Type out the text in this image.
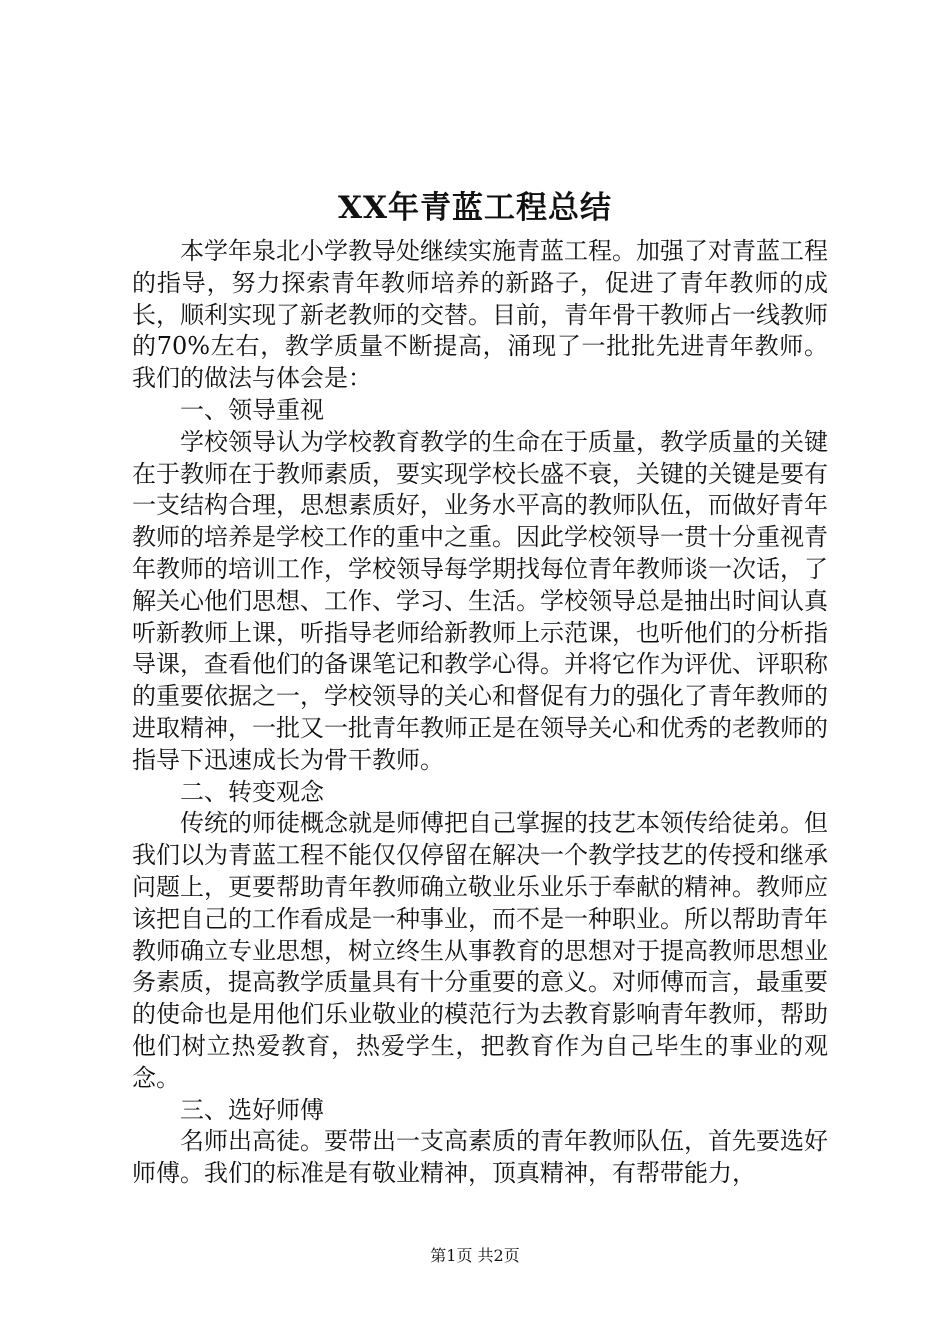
XX年青蓝工程总结

本学年泉北小学教导处继续实施青蓝工程。加强了对青蓝工程的指导，努力探索青年教师培养的新路子，促进了青年教师的成长，顺利实现了新老教师的交替。目前，青年骨干教师占一线教师的70%左右，教学质量不断提高，涌现了一批批先进青年教师。我们的做法与体会是：

一、领导重视

学校领导认为学校教育教学的生命在于质量，教学质量的关键在于教师在于教师素质，要实现学校长盛不衰，关键的关键是要有一支结构合理，思想素质好，业务水平高的教师队伍，而做好青年教师的培养是学校工作的重中之重。因此学校领导一贯十分重视青年教师的培训工作，学校领导每学期找每位青年教师谈一次话，了解关心他们思想、工作、学习、生活。学校领导总是抽出时间认真听新教师上课，听指导老师给新教师上示范课，也听他们的分析指导课，查看他们的备课笔记和教学心得。并将它作为评优、评职称的重要依据之一，学校领导的关心和督促有力的强化了青年教师的进取精神，一批又一批青年教师正是在领导关心和优秀的老教师的指导下迅速成长为骨干教师。

二、转变观念

传统的师徒概念就是师傅把自己掌握的技艺本领传给徒弟。但我们以为青蓝工程不能仅仅停留在解决一个教学技艺的传授和继承问题上，更要帮助青年教师确立敬业乐业乐于奉献的精神。教师应该把自己的工作看成是一种事业，而不是一种职业。所以帮助青年教师确立专业思想，树立终生从事教育的思想对于提高教师思想业务素质，提高教学质量具有十分重要的意义。对师傅而言，最重要的使命也是用他们乐业敬业的模范行为去教育影响青年教师，帮助他们树立热爱教育，热爱学生，把教育作为自己毕生的事业的观念。

三、选好师傅

名师出高徒。要带出一支高素质的青年教师队伍，首先要选好师傅。我们的标准是有敬业精神，顶真精神，有帮带能力，

第1页 共2页
